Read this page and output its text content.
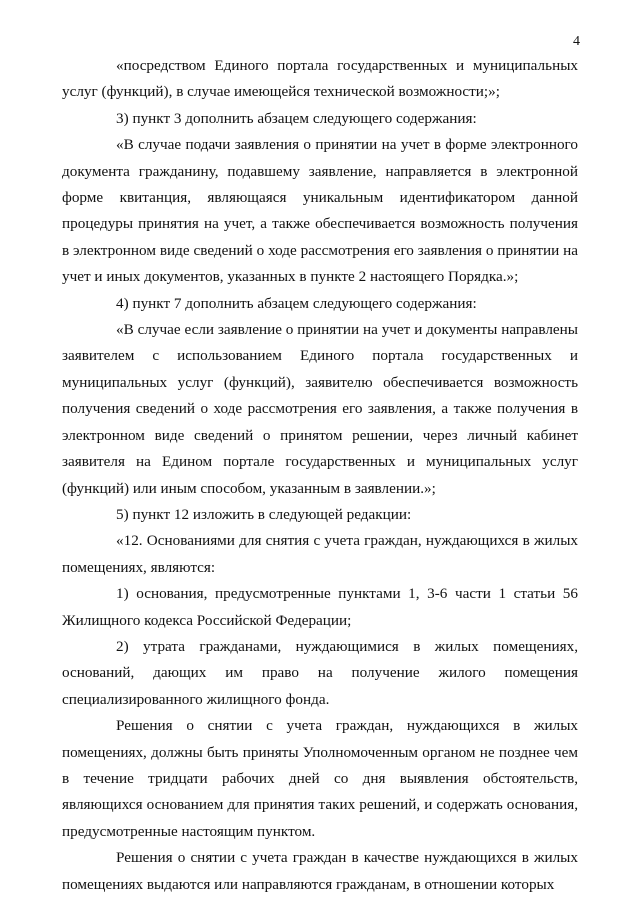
4

«посредством Единого портала государственных и муниципальных услуг (функций), в случае имеющейся технической возможности;»;

3) пункт 3 дополнить абзацем следующего содержания:

«В случае подачи заявления о принятии на учет в форме электронного документа гражданину, подавшему заявление, направляется в электронной форме квитанция, являющаяся уникальным идентификатором данной процедуры принятия на учет, а также обеспечивается возможность получения в электронном виде сведений о ходе рассмотрения его заявления о принятии на учет и иных документов, указанных в пункте 2 настоящего Порядка.»;

4) пункт 7 дополнить абзацем следующего содержания:

«В случае если заявление о принятии на учет и документы направлены заявителем с использованием Единого портала государственных и муниципальных услуг (функций), заявителю обеспечивается возможность получения сведений о ходе рассмотрения его заявления, а также получения в электронном виде сведений о принятом решении, через личный кабинет заявителя на Едином портале государственных и муниципальных услуг (функций) или иным способом, указанным в заявлении.»;

5) пункт 12 изложить в следующей редакции:

«12. Основаниями для снятия с учета граждан, нуждающихся в жилых помещениях, являются:

1) основания, предусмотренные пунктами 1, 3-6 части 1 статьи 56 Жилищного кодекса Российской Федерации;

2) утрата гражданами, нуждающимися в жилых помещениях, оснований, дающих им право на получение жилого помещения специализированного жилищного фонда.

Решения о снятии с учета граждан, нуждающихся в жилых помещениях, должны быть приняты Уполномоченным органом не позднее чем в течение тридцати рабочих дней со дня выявления обстоятельств, являющихся основанием для принятия таких решений, и содержать основания, предусмотренные настоящим пунктом.

Решения о снятии с учета граждан в качестве нуждающихся в жилых помещениях выдаются или направляются гражданам, в отношении которых
